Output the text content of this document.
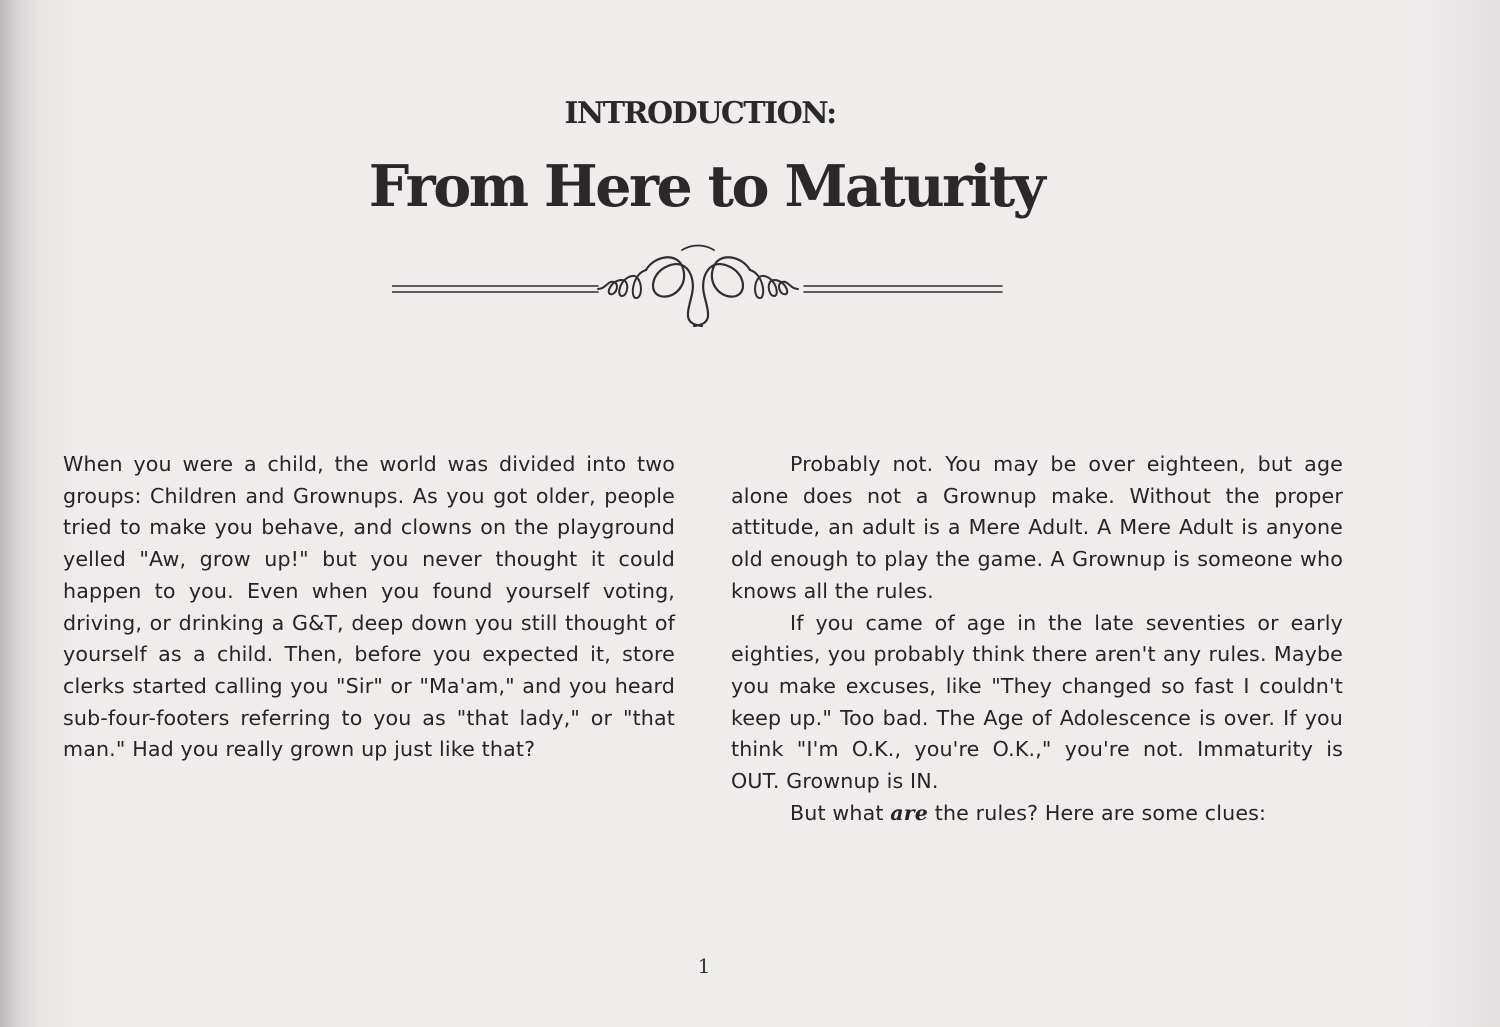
INTRODUCTION:
From Here to Maturity

When you were a child, the world was divided into two groups: Children and Grownups. As you got older, people tried to make you behave, and clowns on the playground yelled "Aw, grow up!" but you never thought it could happen to you. Even when you found yourself voting, driving, or drinking a G&T, deep down you still thought of yourself as a child. Then, before you expected it, store clerks started calling you "Sir" or "Ma'am," and you heard sub-four-footers referring to you as "that lady," or "that man." Had you really grown up just like that?

Probably not. You may be over eighteen, but age alone does not a Grownup make. Without the proper attitude, an adult is a Mere Adult. A Mere Adult is anyone old enough to play the game. A Grownup is someone who knows all the rules.

If you came of age in the late seventies or early eighties, you probably think there aren't any rules. Maybe you make excuses, like "They changed so fast I couldn't keep up." Too bad. The Age of Adolescence is over. If you think "I'm O.K., you're O.K.," you're not. Immaturity is OUT. Grownup is IN.

But what are the rules? Here are some clues:

1
